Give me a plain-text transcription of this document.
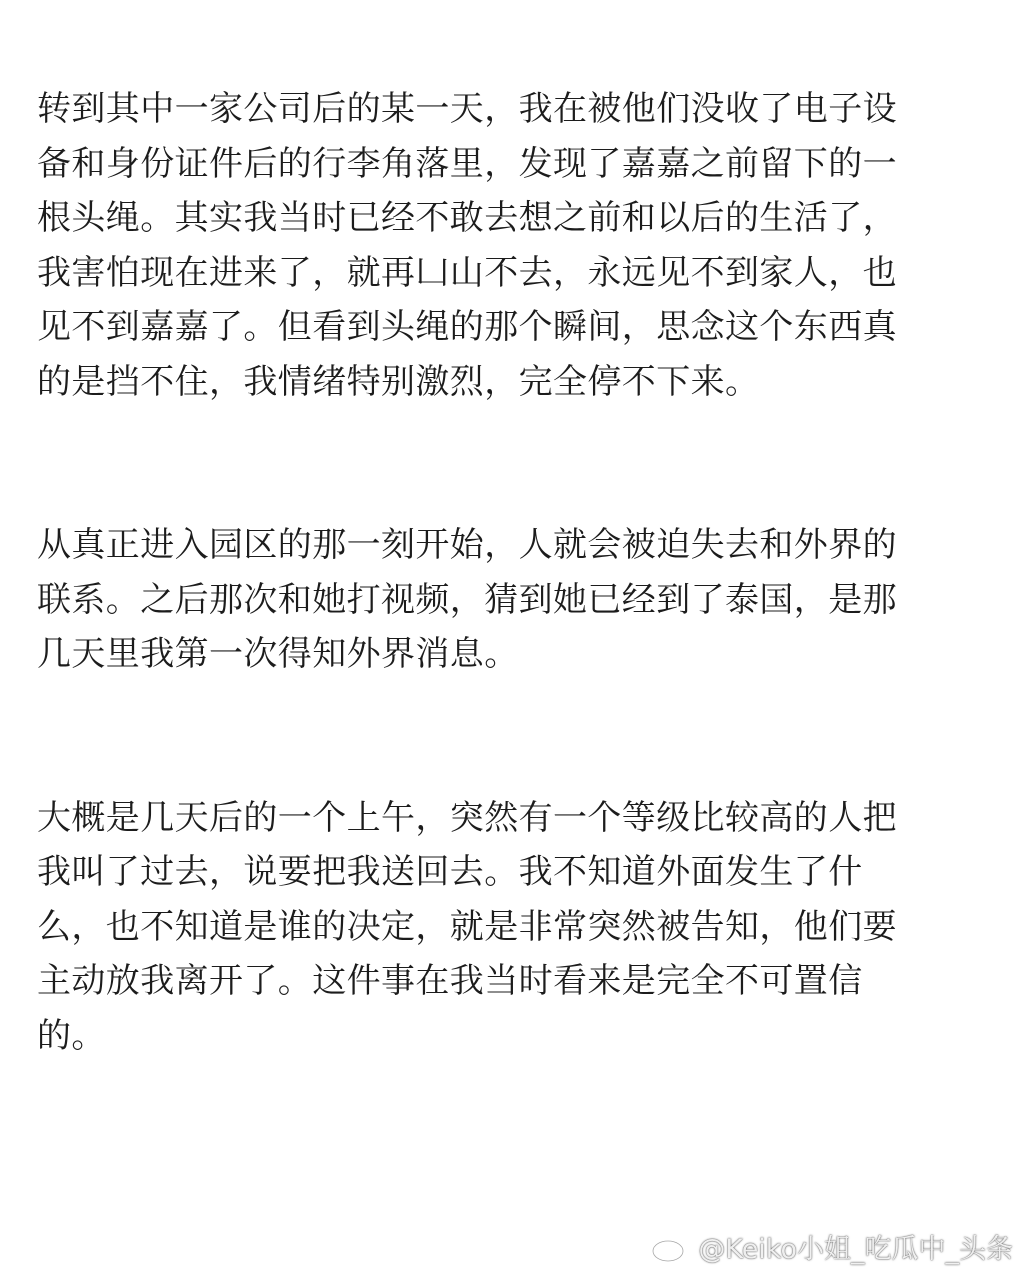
转到其中一家公司后的某一天，我在被他们没收了电子设
备和身份证件后的行李角落里，发现了嘉嘉之前留下的一
根头绳。其实我当时已经不敢去想之前和以后的生活了，
我害怕现在进来了，就再凵山不去，永远见不到家人，也
见不到嘉嘉了。但看到头绳的那个瞬间，思念这个东西真
的是挡不住，我情绪特别激烈，完全停不下来。

从真正进入园区的那一刻开始，人就会被迫失去和外界的
联系。之后那次和她打视频，猜到她已经到了泰国，是那
几天里我第一次得知外界消息。

大概是几天后的一个上午，突然有一个等级比较高的人把
我叫了过去，说要把我送回去。我不知道外面发生了什
么，也不知道是谁的决定，就是非常突然被告知，他们要
主动放我离开了。这件事在我当时看来是完全不可置信
的。

@Keiko小姐_吃瓜中_头条
